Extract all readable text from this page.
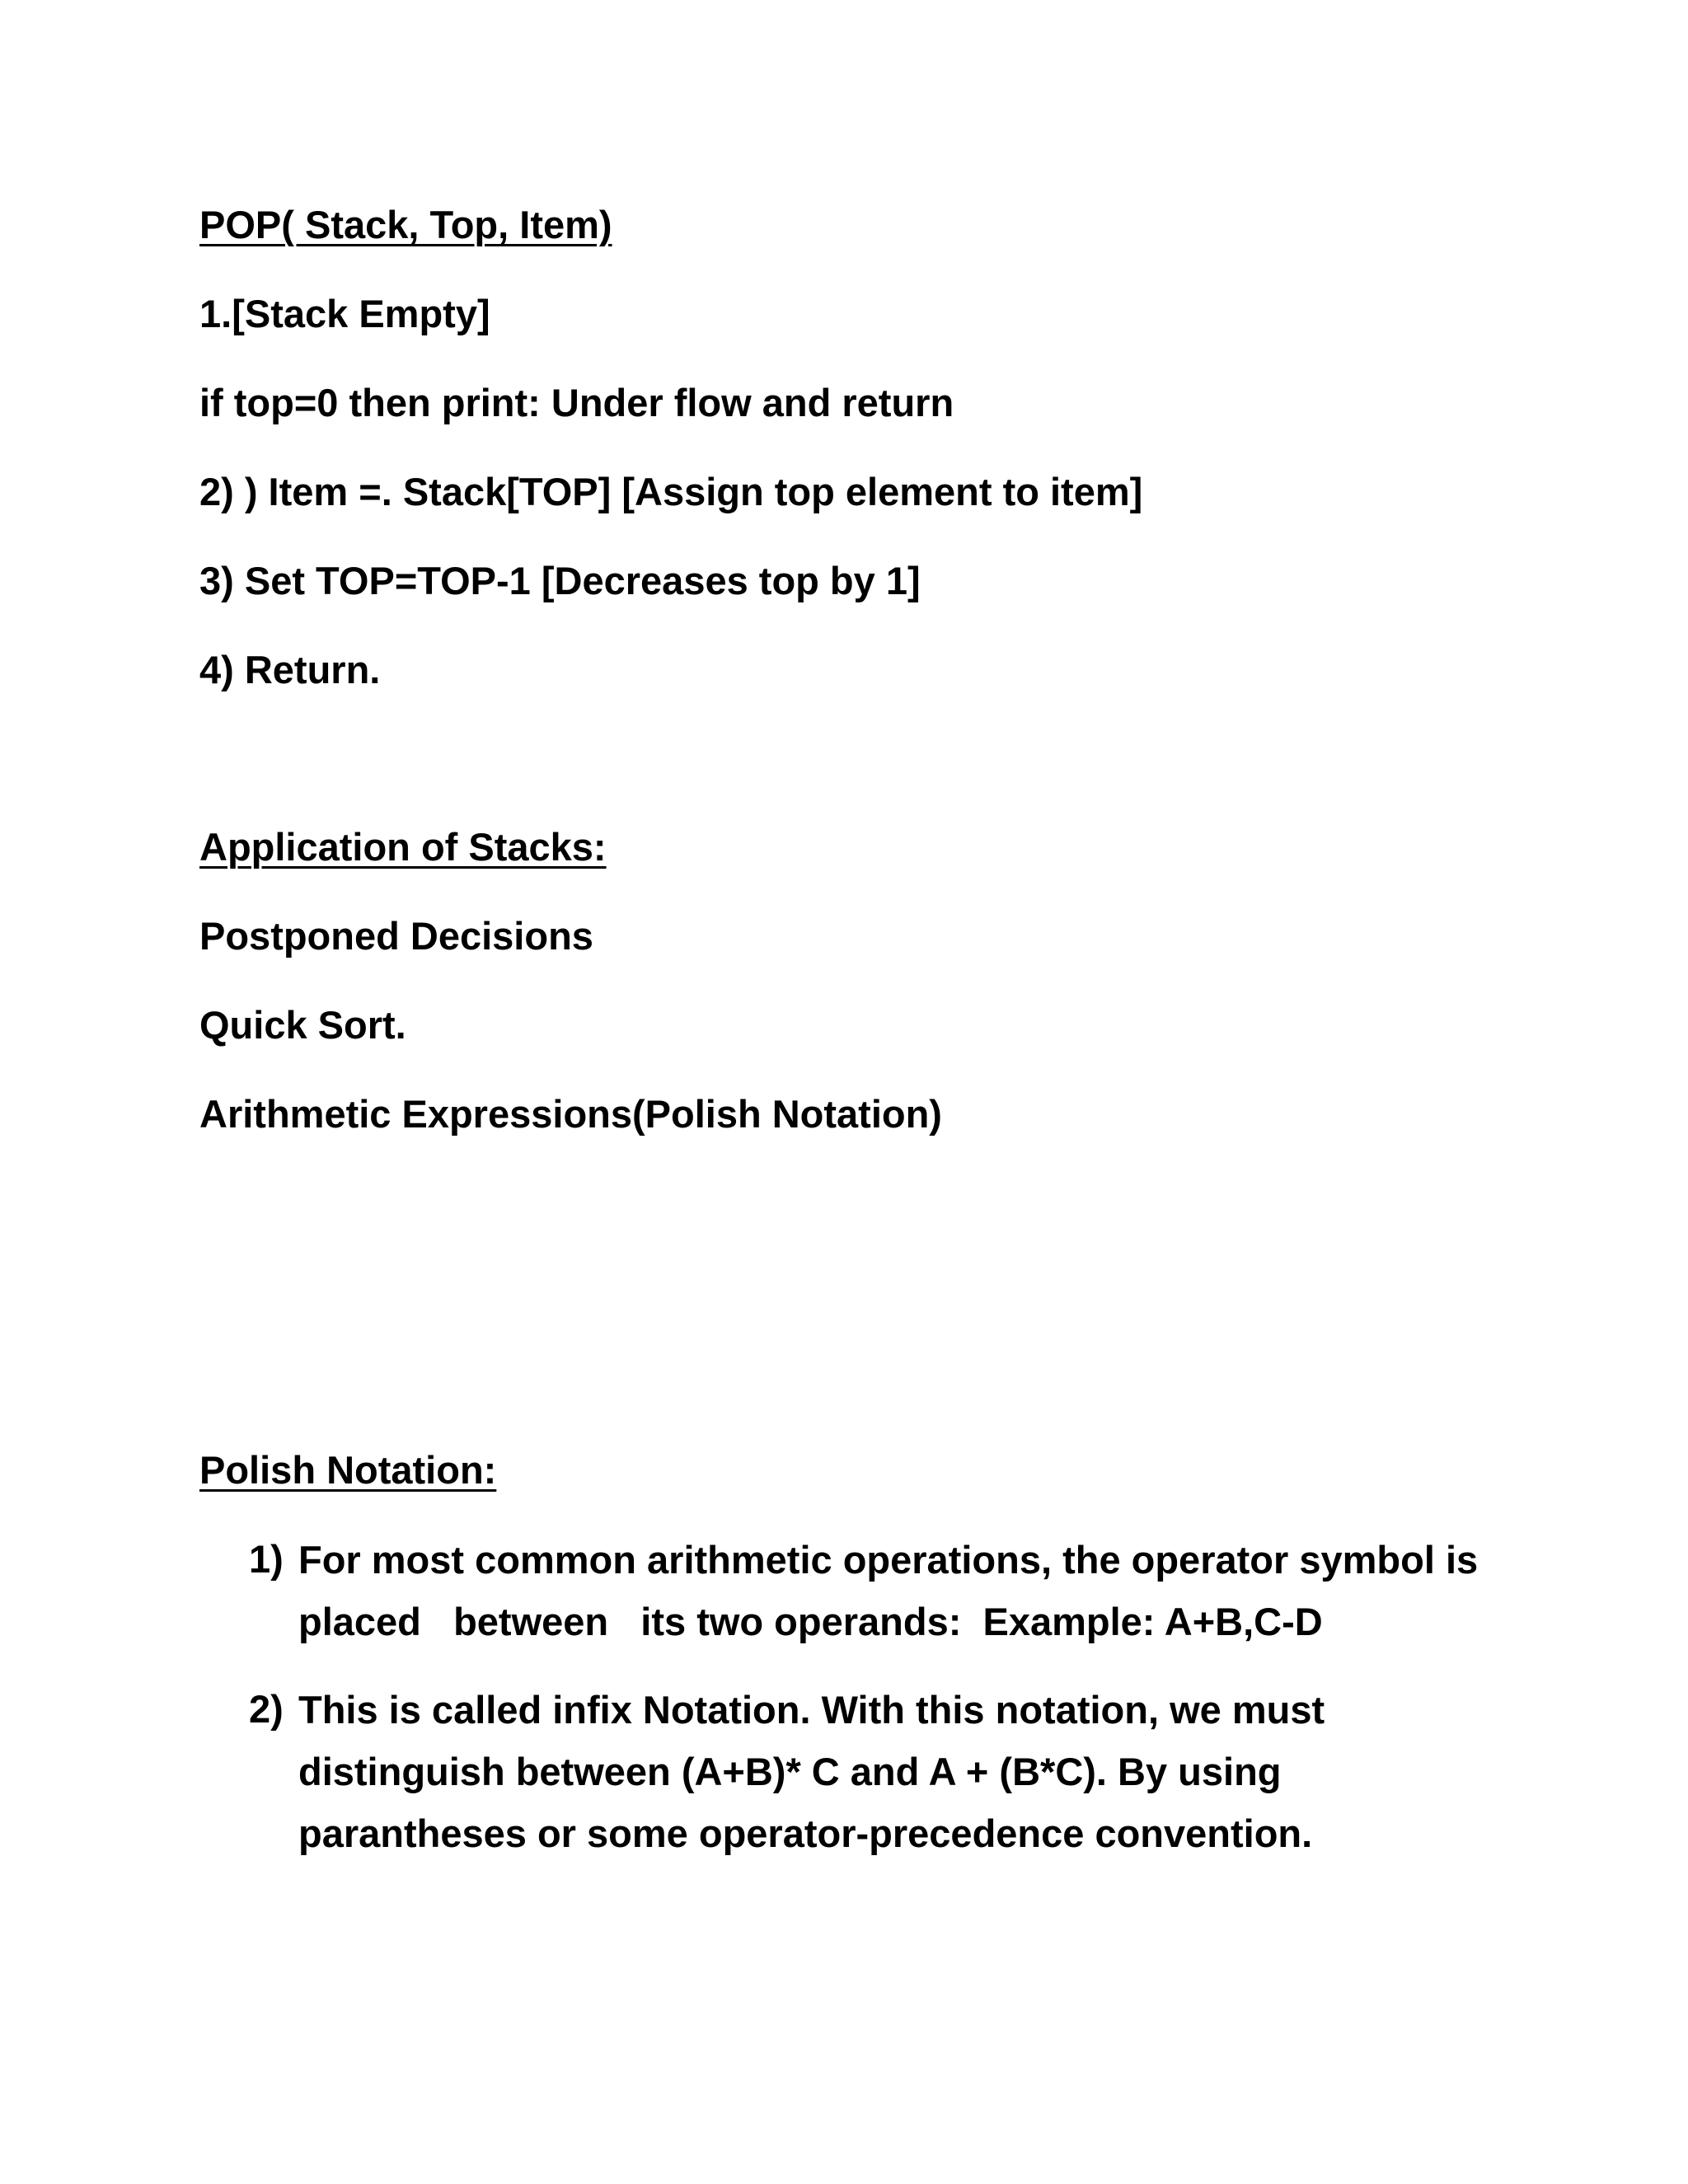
POP( Stack, Top, Item)

1.[Stack Empty]

if top=0 then print: Under flow and return

2) ) Item =. Stack[TOP] [Assign top element to item]

3) Set TOP=TOP-1 [Decreases top by 1]

4) Return.

Application of Stacks:

Postponed Decisions

Quick Sort.

Arithmetic Expressions(Polish Notation)

Polish Notation:

1) For most common arithmetic operations, the operator symbol is
placed   between   its two operands:  Example: A+B,C-D
2) This is called infix Notation. With this notation, we must
distinguish between (A+B)* C and A + (B*C). By using
parantheses or some operator-precedence convention.
